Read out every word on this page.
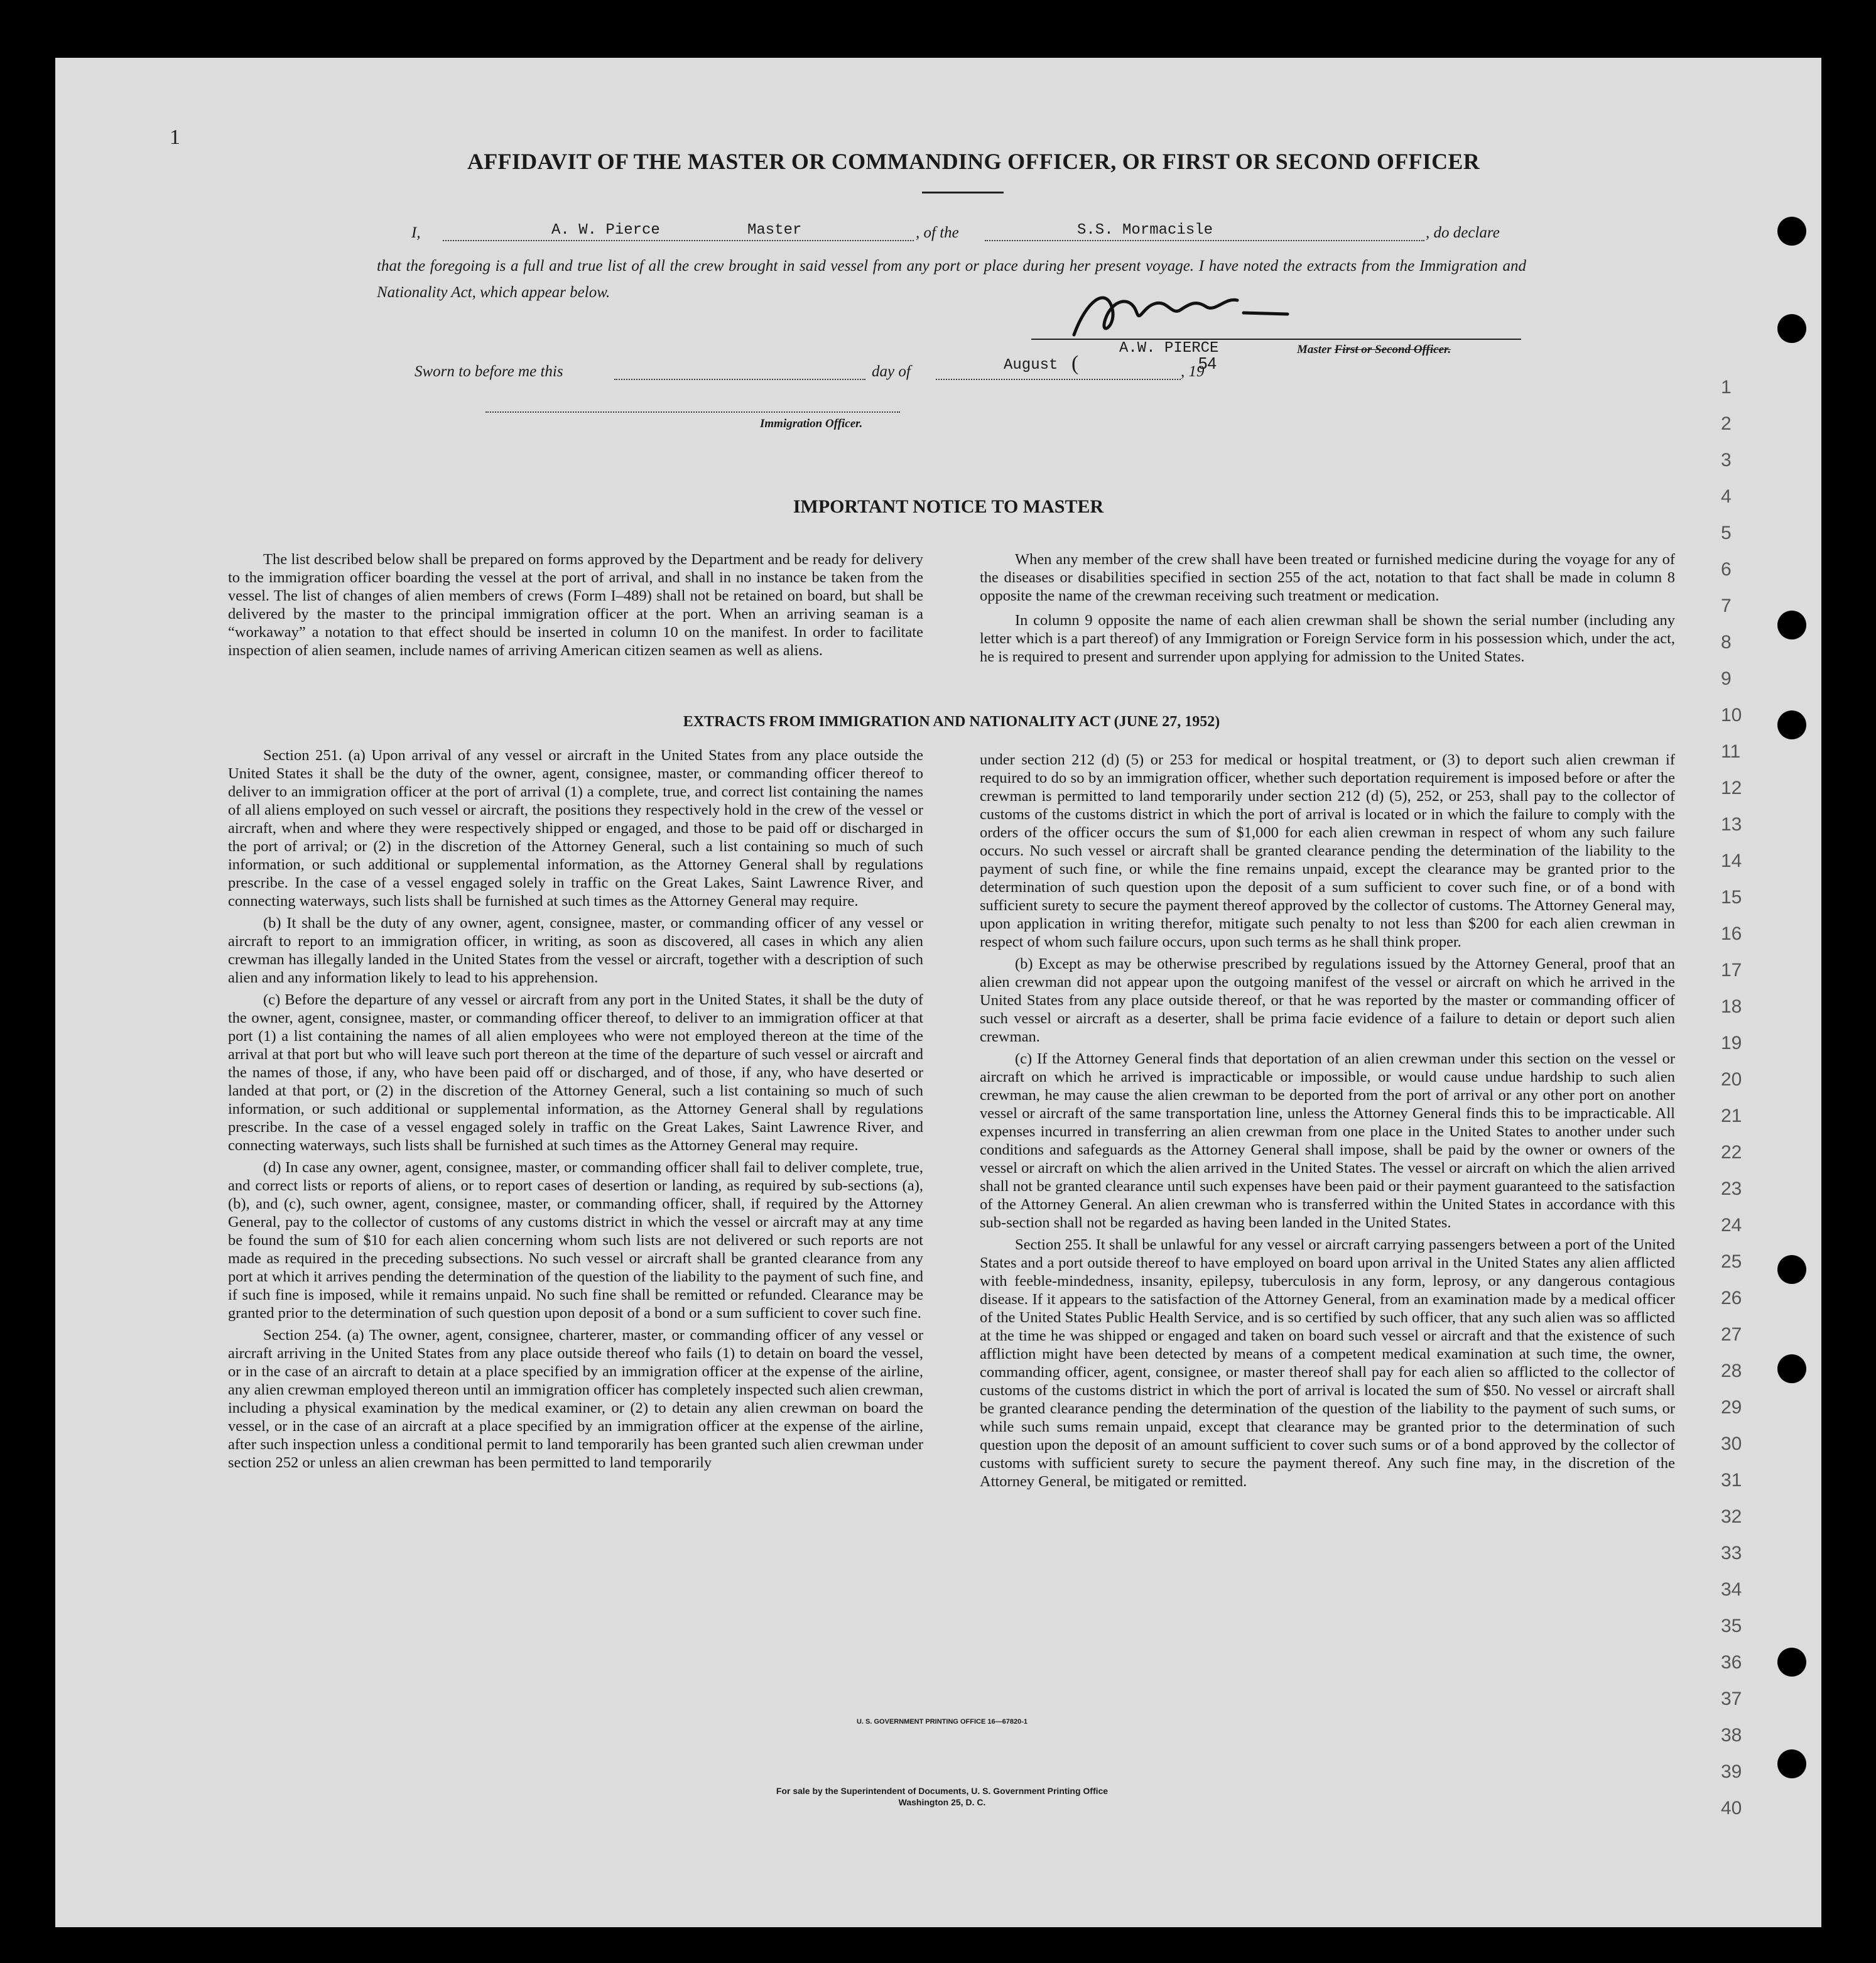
1
1
2
3
4
5
6
7
8
9
10
11
12
13
14
15
16
17
18
19
20
21
22
23
24
25
26
27
28
29
30
31
32
33
34
35
36
37
38
39
40
AFFIDAVIT OF THE MASTER OR COMMANDING OFFICER, OR FIRST OR SECOND OFFICER
I,	A. W. Pierce	Master	, of the	S.S. Mormacisle	, do declare
that the foregoing is a full and true list of all the crew brought in said vessel from any port or place during her present voyage. I have noted the extracts from the Immigration and Nationality Act, which appear below.
A.W. PIERCE	Master First or Second Officer.
Sworn to before me this	day of	August (	, 19
54
Immigration Officer.
IMPORTANT NOTICE TO MASTER

The list described below shall be prepared on forms approved by the Department and be ready for delivery to the immigration officer boarding the vessel at the port of arrival, and shall in no instance be taken from the vessel. The list of changes of alien members of crews (Form I–489) shall not be retained on board, but shall be delivered by the master to the principal immigration officer at the port. When an arriving seaman is a “workaway” a notation to that effect should be inserted in column 10 on the manifest. In order to facilitate inspection of alien seamen, include names of arriving American citizen seamen as well as aliens.

When any member of the crew shall have been treated or furnished medicine during the voyage for any of the diseases or disabilities specified in section 255 of the act, notation to that fact shall be made in column 8 opposite the name of the crewman receiving such treatment or medication.

In column 9 opposite the name of each alien crewman shall be shown the serial number (including any letter which is a part thereof) of any Immigration or Foreign Service form in his possession which, under the act, he is required to present and surrender upon applying for admission to the United States.

EXTRACTS FROM IMMIGRATION AND NATIONALITY ACT (JUNE 27, 1952)

Section 251. (a) Upon arrival of any vessel or aircraft in the United States from any place outside the United States it shall be the duty of the owner, agent, consignee, master, or commanding officer thereof to deliver to an immigration officer at the port of arrival (1) a complete, true, and correct list containing the names of all aliens employed on such vessel or aircraft, the positions they respectively hold in the crew of the vessel or aircraft, when and where they were respectively shipped or engaged, and those to be paid off or discharged in the port of arrival; or (2) in the discretion of the Attorney General, such a list containing so much of such information, or such additional or supplemental information, as the Attorney General shall by regulations prescribe. In the case of a vessel engaged solely in traffic on the Great Lakes, Saint Lawrence River, and connecting waterways, such lists shall be furnished at such times as the Attorney General may require.

(b) It shall be the duty of any owner, agent, consignee, master, or commanding officer of any vessel or aircraft to report to an immigration officer, in writing, as soon as discovered, all cases in which any alien crewman has illegally landed in the United States from the vessel or aircraft, together with a description of such alien and any information likely to lead to his apprehension.

(c) Before the departure of any vessel or aircraft from any port in the United States, it shall be the duty of the owner, agent, consignee, master, or commanding officer thereof, to deliver to an immigration officer at that port (1) a list containing the names of all alien employees who were not employed thereon at the time of the arrival at that port but who will leave such port thereon at the time of the departure of such vessel or aircraft and the names of those, if any, who have been paid off or discharged, and of those, if any, who have deserted or landed at that port, or (2) in the discretion of the Attorney General, such a list containing so much of such information, or such additional or supplemental information, as the Attorney General shall by regulations prescribe. In the case of a vessel engaged solely in traffic on the Great Lakes, Saint Lawrence River, and connecting waterways, such lists shall be furnished at such times as the Attorney General may require.

(d) In case any owner, agent, consignee, master, or commanding officer shall fail to deliver complete, true, and correct lists or reports of aliens, or to report cases of desertion or landing, as required by sub-sections (a), (b), and (c), such owner, agent, consignee, master, or commanding officer, shall, if required by the Attorney General, pay to the collector of customs of any customs district in which the vessel or aircraft may at any time be found the sum of $10 for each alien concerning whom such lists are not delivered or such reports are not made as required in the preceding subsections. No such vessel or aircraft shall be granted clearance from any port at which it arrives pending the determination of the question of the liability to the payment of such fine, and if such fine is imposed, while it remains unpaid. No such fine shall be remitted or refunded. Clearance may be granted prior to the determination of such question upon deposit of a bond or a sum sufficient to cover such fine.

Section 254. (a) The owner, agent, consignee, charterer, master, or commanding officer of any vessel or aircraft arriving in the United States from any place outside thereof who fails (1) to detain on board the vessel, or in the case of an aircraft to detain at a place specified by an immigration officer at the expense of the airline, any alien crewman employed thereon until an immigration officer has completely inspected such alien crewman, including a physical examination by the medical examiner, or (2) to detain any alien crewman on board the vessel, or in the case of an aircraft at a place specified by an immigration officer at the expense of the airline, after such inspection unless a conditional permit to land temporarily has been granted such alien crewman under section 252 or unless an alien crewman has been permitted to land temporarily

under section 212 (d) (5) or 253 for medical or hospital treatment, or (3) to deport such alien crewman if required to do so by an immigration officer, whether such deportation requirement is imposed before or after the crewman is permitted to land temporarily under section 212 (d) (5), 252, or 253, shall pay to the collector of customs of the customs district in which the port of arrival is located or in which the failure to comply with the orders of the officer occurs the sum of $1,000 for each alien crewman in respect of whom any such failure occurs. No such vessel or aircraft shall be granted clearance pending the determination of the liability to the payment of such fine, or while the fine remains unpaid, except the clearance may be granted prior to the determination of such question upon the deposit of a sum sufficient to cover such fine, or of a bond with sufficient surety to secure the payment thereof approved by the collector of customs. The Attorney General may, upon application in writing therefor, mitigate such penalty to not less than $200 for each alien crewman in respect of whom such failure occurs, upon such terms as he shall think proper.

(b) Except as may be otherwise prescribed by regulations issued by the Attorney General, proof that an alien crewman did not appear upon the outgoing manifest of the vessel or aircraft on which he arrived in the United States from any place outside thereof, or that he was reported by the master or commanding officer of such vessel or aircraft as a deserter, shall be prima facie evidence of a failure to detain or deport such alien crewman.

(c) If the Attorney General finds that deportation of an alien crewman under this section on the vessel or aircraft on which he arrived is impracticable or impossible, or would cause undue hardship to such alien crewman, he may cause the alien crewman to be deported from the port of arrival or any other port on another vessel or aircraft of the same transportation line, unless the Attorney General finds this to be impracticable. All expenses incurred in transferring an alien crewman from one place in the United States to another under such conditions and safeguards as the Attorney General shall impose, shall be paid by the owner or owners of the vessel or aircraft on which the alien arrived in the United States. The vessel or aircraft on which the alien arrived shall not be granted clearance until such expenses have been paid or their payment guaranteed to the satisfaction of the Attorney General. An alien crewman who is transferred within the United States in accordance with this sub-section shall not be regarded as having been landed in the United States.

Section 255. It shall be unlawful for any vessel or aircraft carrying passengers between a port of the United States and a port outside thereof to have employed on board upon arrival in the United States any alien afflicted with feeble-mindedness, insanity, epilepsy, tuberculosis in any form, leprosy, or any dangerous contagious disease. If it appears to the satisfaction of the Attorney General, from an examination made by a medical officer of the United States Public Health Service, and is so certified by such officer, that any such alien was so afflicted at the time he was shipped or engaged and taken on board such vessel or aircraft and that the existence of such affliction might have been detected by means of a competent medical examination at such time, the owner, commanding officer, agent, consignee, or master thereof shall pay for each alien so afflicted to the collector of customs of the customs district in which the port of arrival is located the sum of $50. No vessel or aircraft shall be granted clearance pending the determination of the question of the liability to the payment of such sums, or while such sums remain unpaid, except that clearance may be granted prior to the determination of such question upon the deposit of an amount sufficient to cover such sums or of a bond approved by the collector of customs with sufficient surety to secure the payment thereof. Any such fine may, in the discretion of the Attorney General, be mitigated or remitted.

U. S. GOVERNMENT PRINTING OFFICE 16—67820-1
For sale by the Superintendent of Documents, U. S. Government Printing Office
Washington 25, D. C.
